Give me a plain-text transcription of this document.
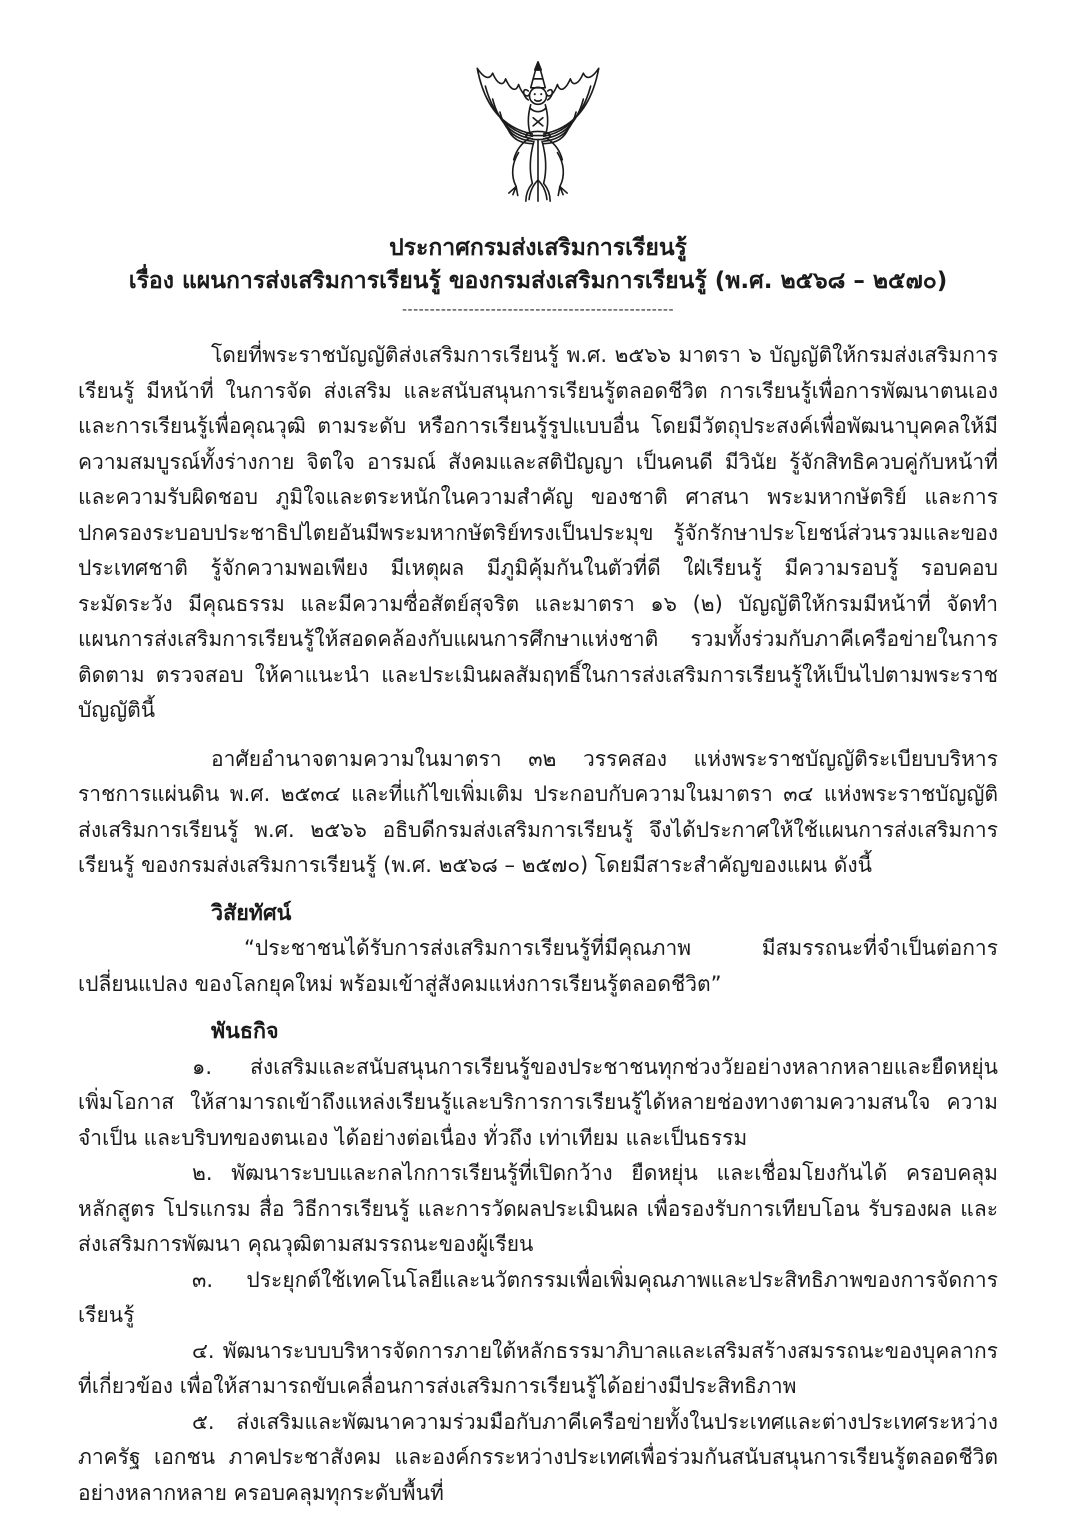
ประกาศกรมส่งเสริมการเรียนรู้
เรื่อง แผนการส่งเสริมการเรียนรู้ ของกรมส่งเสริมการเรียนรู้ (พ.ศ. ๒๕๖๘ – ๒๕๗๐)
-------------------------------------------------

โดยที่พระราชบัญญัติส่งเสริมการเรียนรู้ พ.ศ. ๒๕๖๖ มาตรา ๖ บัญญัติให้กรมส่งเสริมการเรียนรู้ มีหน้าที่ ในการจัด ส่งเสริม และสนับสนุนการเรียนรู้ตลอดชีวิต การเรียนรู้เพื่อการพัฒนาตนเอง และการเรียนรู้เพื่อคุณวุฒิ ตามระดับ หรือการเรียนรู้รูปแบบอื่น โดยมีวัตถุประสงค์เพื่อพัฒนาบุคคลให้มีความสมบูรณ์ทั้งร่างกาย จิตใจ อารมณ์ สังคมและสติปัญญา เป็นคนดี มีวินัย รู้จักสิทธิควบคู่กับหน้าที่และความรับผิดชอบ ภูมิใจและตระหนักในความสำคัญ ของชาติ ศาสนา พระมหากษัตริย์ และการปกครองระบอบประชาธิปไตยอันมีพระมหากษัตริย์ทรงเป็นประมุข รู้จักรักษาประโยชน์ส่วนรวมและของประเทศชาติ รู้จักความพอเพียง มีเหตุผล มีภูมิคุ้มกันในตัวที่ดี ใฝ่เรียนรู้ มีความรอบรู้ รอบคอบ ระมัดระวัง มีคุณธรรม และมีความซื่อสัตย์สุจริต และมาตรา ๑๖ (๒) บัญญัติให้กรมมีหน้าที่ จัดทำแผนการส่งเสริมการเรียนรู้ให้สอดคล้องกับแผนการศึกษาแห่งชาติ รวมทั้งร่วมกับภาคีเครือข่ายในการติดตาม ตรวจสอบ ให้คาแนะนำ และประเมินผลสัมฤทธิ์ในการส่งเสริมการเรียนรู้ให้เป็นไปตามพระราชบัญญัตินี้

อาศัยอำนาจตามความในมาตรา ๓๒ วรรคสอง แห่งพระราชบัญญัติระเบียบบริหารราชการแผ่นดิน พ.ศ. ๒๕๓๔ และที่แก้ไขเพิ่มเติม ประกอบกับความในมาตรา ๓๔ แห่งพระราชบัญญัติส่งเสริมการเรียนรู้ พ.ศ. ๒๕๖๖ อธิบดีกรมส่งเสริมการเรียนรู้ จึงได้ประกาศให้ใช้แผนการส่งเสริมการเรียนรู้ ของกรมส่งเสริมการเรียนรู้ (พ.ศ. ๒๕๖๘ – ๒๕๗๐) โดยมีสาระสำคัญของแผน ดังนี้

วิสัยทัศน์

“ประชาชนได้รับการส่งเสริมการเรียนรู้ที่มีคุณภาพ มีสมรรถนะที่จำเป็นต่อการเปลี่ยนแปลง ของโลกยุคใหม่ พร้อมเข้าสู่สังคมแห่งการเรียนรู้ตลอดชีวิต”

พันธกิจ

๑. ส่งเสริมและสนับสนุนการเรียนรู้ของประชาชนทุกช่วงวัยอย่างหลากหลายและยืดหยุ่น เพิ่มโอกาส ให้สามารถเข้าถึงแหล่งเรียนรู้และบริการการเรียนรู้ได้หลายช่องทางตามความสนใจ ความจำเป็น และบริบทของตนเอง ได้อย่างต่อเนื่อง ทั่วถึง เท่าเทียม และเป็นธรรม

๒. พัฒนาระบบและกลไกการเรียนรู้ที่เปิดกว้าง ยืดหยุ่น และเชื่อมโยงกันได้ ครอบคลุมหลักสูตร โปรแกรม สื่อ วิธีการเรียนรู้ และการวัดผลประเมินผล เพื่อรองรับการเทียบโอน รับรองผล และส่งเสริมการพัฒนา คุณวุฒิตามสมรรถนะของผู้เรียน

๓. ประยุกต์ใช้เทคโนโลยีและนวัตกรรมเพื่อเพิ่มคุณภาพและประสิทธิภาพของการจัดการเรียนรู้

๔. พัฒนาระบบบริหารจัดการภายใต้หลักธรรมาภิบาลและเสริมสร้างสมรรถนะของบุคลากรที่เกี่ยวข้อง เพื่อให้สามารถขับเคลื่อนการส่งเสริมการเรียนรู้ได้อย่างมีประสิทธิภาพ

๕. ส่งเสริมและพัฒนาความร่วมมือกับภาคีเครือข่ายทั้งในประเทศและต่างประเทศระหว่างภาครัฐ เอกชน ภาคประชาสังคม และองค์กรระหว่างประเทศเพื่อร่วมกันสนับสนุนการเรียนรู้ตลอดชีวิตอย่างหลากหลาย ครอบคลุมทุกระดับพื้นที่
